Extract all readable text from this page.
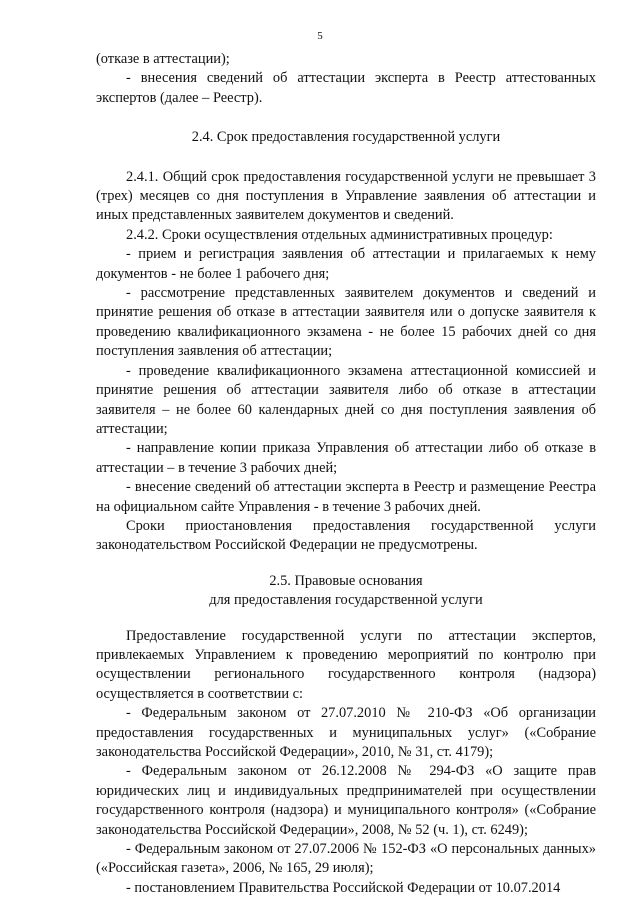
5

(отказе в аттестации);

- внесения сведений об аттестации эксперта в Реестр аттестованных экспертов (далее – Реестр).

2.4. Срок предоставления государственной услуги

2.4.1. Общий срок предоставления государственной услуги не превышает 3 (трех) месяцев со дня поступления в Управление заявления об аттестации и иных представленных заявителем документов и сведений.

2.4.2. Сроки осуществления отдельных административных процедур:

- прием и регистрация заявления об аттестации и прилагаемых к нему документов - не более 1 рабочего дня;

- рассмотрение представленных заявителем документов и сведений и принятие решения об отказе в аттестации заявителя или о допуске заявителя к проведению квалификационного экзамена - не более 15 рабочих дней со дня поступления заявления об аттестации;

- проведение квалификационного экзамена аттестационной комиссией и принятие решения об аттестации заявителя либо об отказе в аттестации заявителя – не более 60 календарных дней со дня поступления заявления об аттестации;

- направление копии приказа Управления об аттестации либо об отказе в аттестации – в течение 3 рабочих дней;

- внесение сведений об аттестации эксперта в Реестр и размещение Реестра на официальном сайте Управления - в течение 3 рабочих дней.

Сроки приостановления предоставления государственной услуги законодательством Российской Федерации не предусмотрены.

2.5. Правовые основания

для предоставления государственной услуги

Предоставление государственной услуги по аттестации экспертов, привлекаемых Управлением к проведению мероприятий по контролю при осуществлении регионального государственного контроля (надзора) осуществляется в соответствии с:

- Федеральным законом от 27.07.2010 № 210-ФЗ «Об организации предоставления государственных и муниципальных услуг» («Собрание законодательства Российской Федерации», 2010, № 31, ст. 4179);

- Федеральным законом от 26.12.2008 № 294-ФЗ «О защите прав юридических лиц и индивидуальных предпринимателей при осуществлении государственного контроля (надзора) и муниципального контроля» («Собрание законодательства Российской Федерации», 2008, № 52 (ч. 1), ст. 6249);

- Федеральным законом от 27.07.2006 № 152-ФЗ «О персональных данных» («Российская газета», 2006, № 165, 29 июля);

- постановлением Правительства Российской Федерации от 10.07.2014
